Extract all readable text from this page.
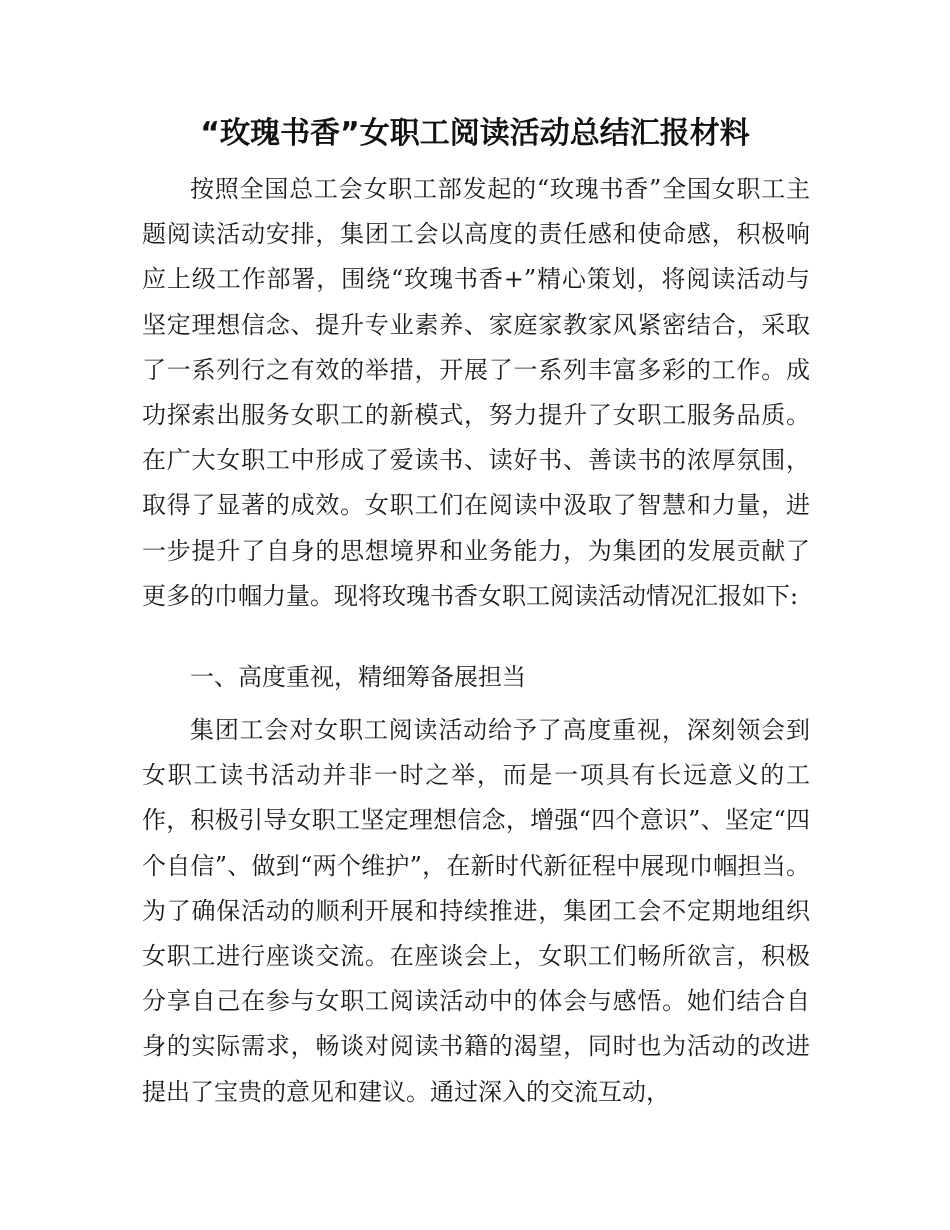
“玫瑰书香”女职工阅读活动总结汇报材料

按照全国总工会女职工部发起的“玫瑰书香”全国女职工主题阅读活动安排，集团工会以高度的责任感和使命感，积极响应上级工作部署，围绕“玫瑰书香+”精心策划，将阅读活动与坚定理想信念、提升专业素养、家庭家教家风紧密结合，采取了一系列行之有效的举措，开展了一系列丰富多彩的工作。成功探索出服务女职工的新模式，努力提升了女职工服务品质。在广大女职工中形成了爱读书、读好书、善读书的浓厚氛围，取得了显著的成效。女职工们在阅读中汲取了智慧和力量，进一步提升了自身的思想境界和业务能力，为集团的发展贡献了更多的巾帼力量。现将玫瑰书香女职工阅读活动情况汇报如下:

一、高度重视，精细筹备展担当

集团工会对女职工阅读活动给予了高度重视，深刻领会到女职工读书活动并非一时之举，而是一项具有长远意义的工作，积极引导女职工坚定理想信念，增强“四个意识”、坚定“四个自信”、做到“两个维护”，在新时代新征程中展现巾帼担当。为了确保活动的顺利开展和持续推进，集团工会不定期地组织女职工进行座谈交流。在座谈会上，女职工们畅所欲言，积极分享自己在参与女职工阅读活动中的体会与感悟。她们结合自身的实际需求，畅谈对阅读书籍的渴望，同时也为活动的改进提出了宝贵的意见和建议。通过深入的交流互动，
